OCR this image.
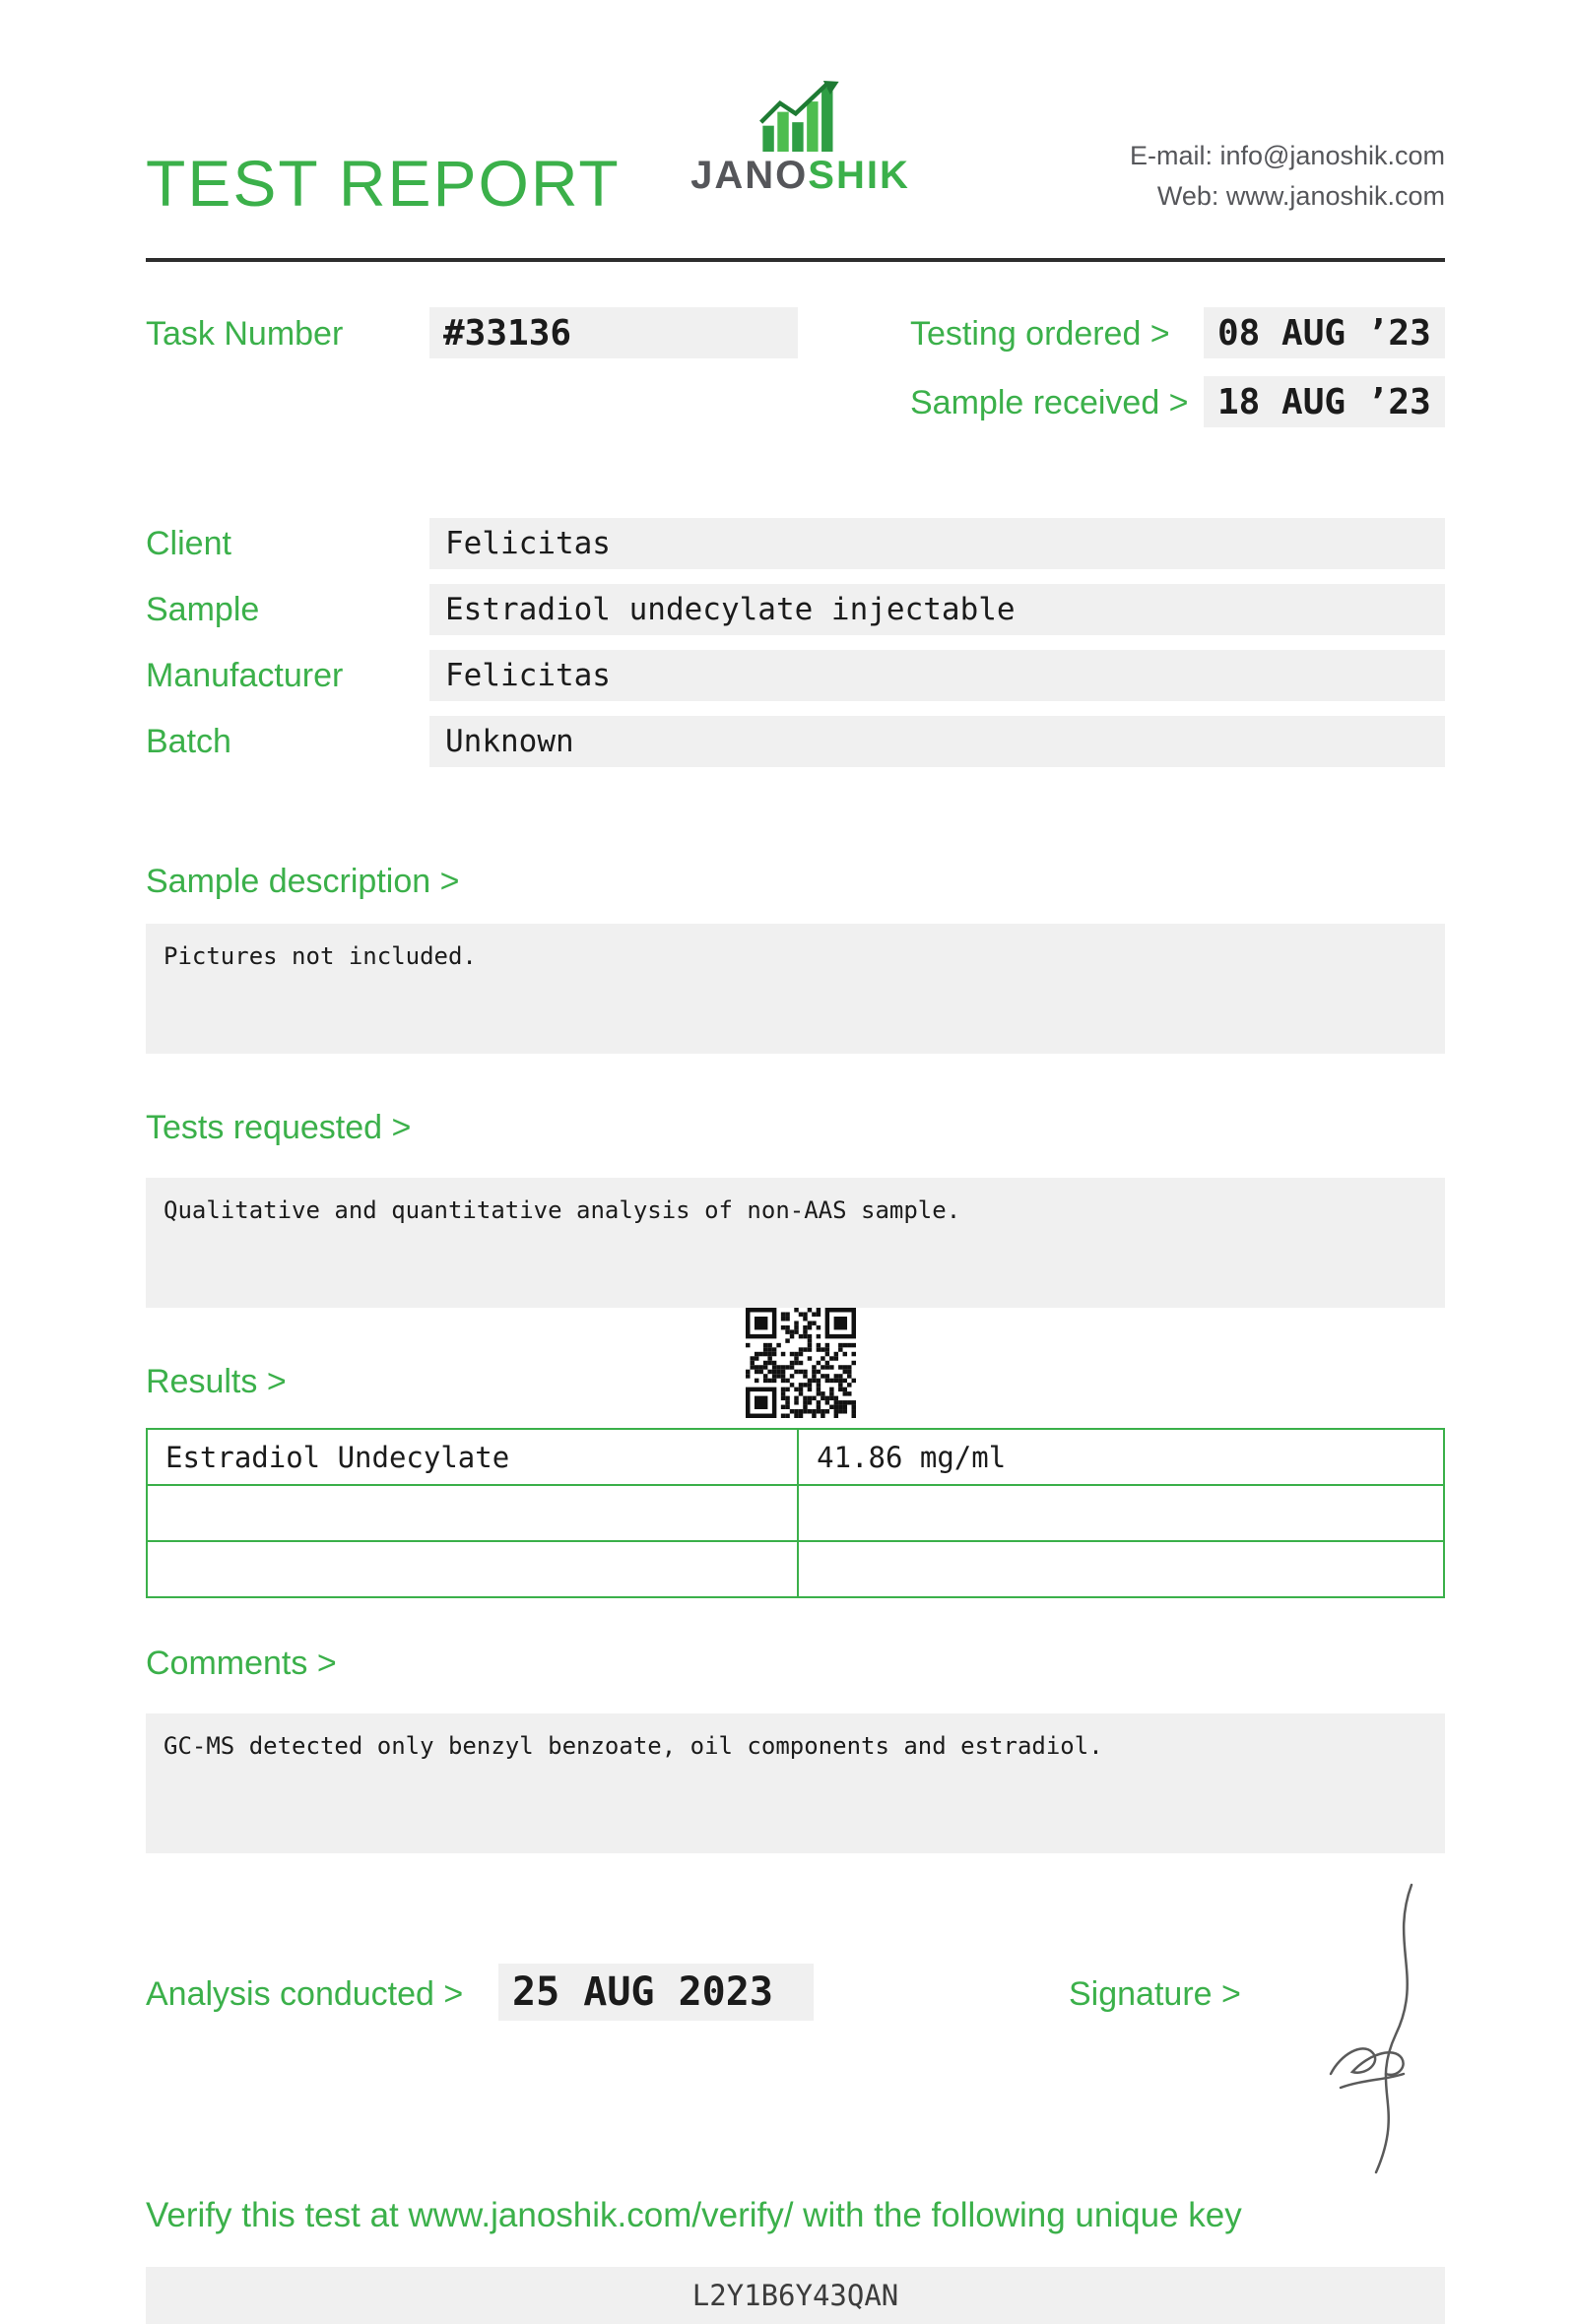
TEST REPORT JANOSHIK	E-mail: info@janoshik.com
Web: www.janoshik.com
Task Number	#33136	Testing ordered >	08 AUG ’23
Sample received > 18 AUG ’23
Client	Felicitas
Sample	Estradiol undecylate injectable
Manufacturer	Felicitas
Batch	Unknown
Sample description >
Pictures not included.
Tests requested >
Qualitative and quantitative analysis of non-AAS sample.
Results >
Estradiol Undecylate	41.86 mg/ml

Comments >
GC-MS detected only benzyl benzoate, oil components and estradiol.
Analysis conducted >	25 AUG 2023	Signature >
Verify this test at www.janoshik.com/verify/ with the following unique key
L2Y1B6Y43QAN
